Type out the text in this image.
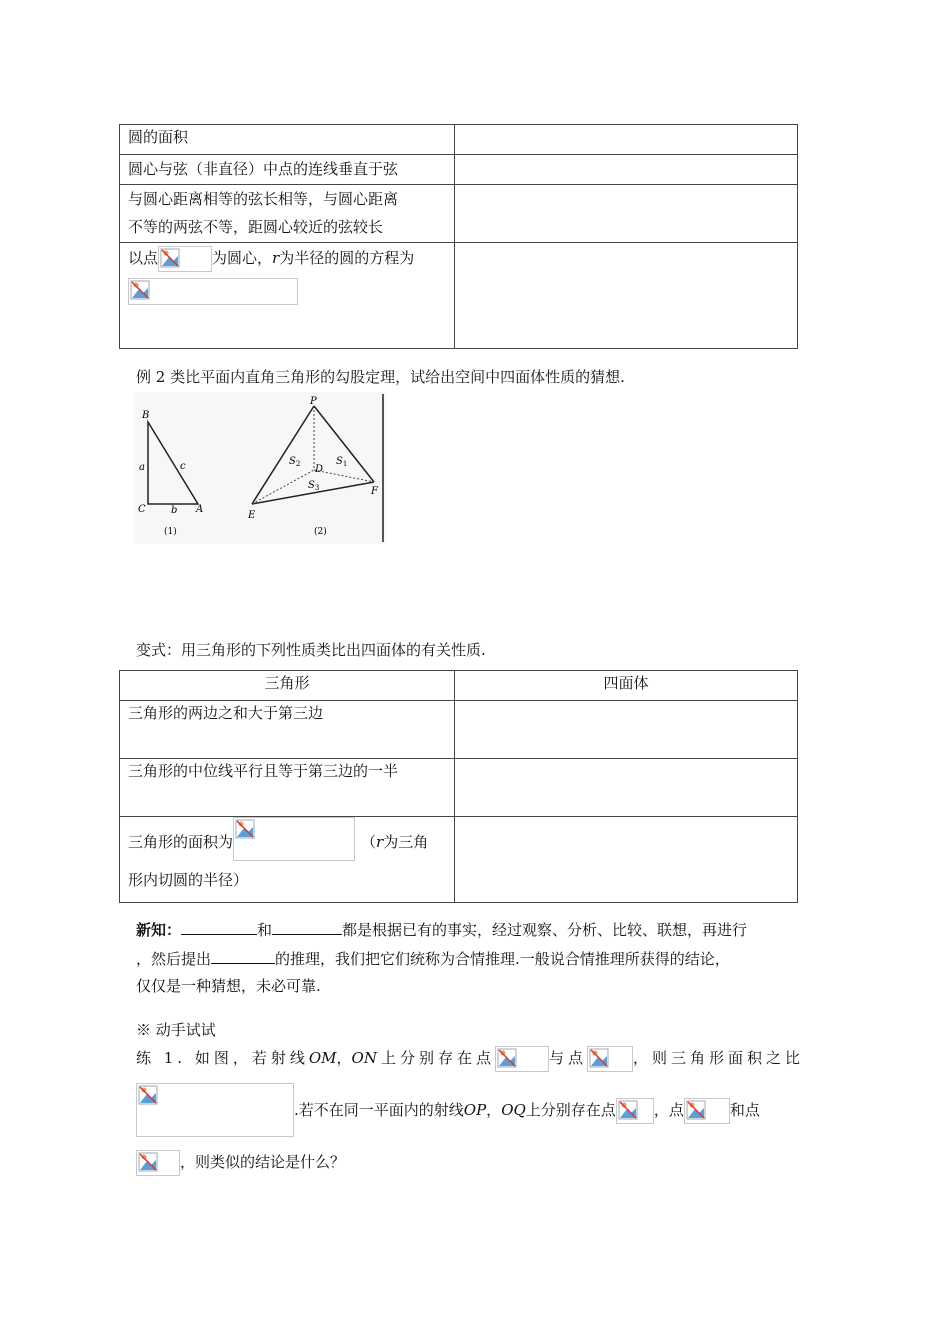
圆的面积	
圆心与弦（非直径）中点的连线垂直于弦	
与圆心距离相等的弦长相等，与圆心距离
不等的两弦不等，距圆心较近的弦较长	

以点 为圆心，r为半径的圆的方程为	

例 2 类比平面内直角三角形的勾股定理，试给出空间中四面体性质的猜想.
B
C	A
a
b
c
(1)
P
D
E
F
$S_2$	$S_1$
$S_3$
(2)
变式：用三角形的下列性质类比出四面体的有关性质.
三角形	四面体
三角形的两边之和大于第三边	
三角形的中位线平行且等于第三边的一半	

三角形的面积为 （r为三角
形内切圆的半径）	

新知：	和	都是根据已有的事实，经过观察、分析、比较、联想，再进行
，然后提出	的推理，我们把它们统称为合情推理.一般说合情推理所获得的结论，
仅仅是一种猜想，未必可靠.
※ 动手试试
练 1. 如图，若射线OM，ON 上分别存在点	与点	，则三角形面积之比
.若不在同一平面内的射线OP，OQ上分别存在点	，点	和点
，则类似的结论是什么？
